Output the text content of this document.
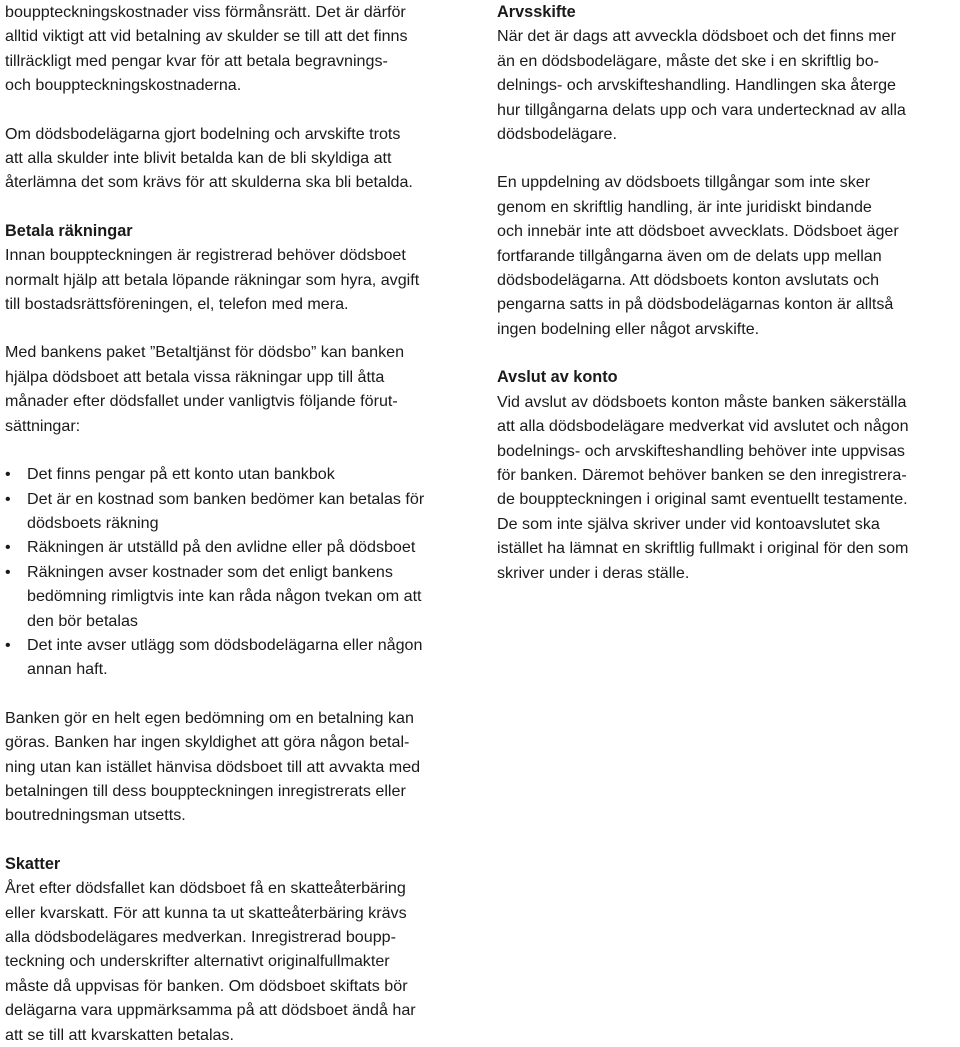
bouppteckningskostnader viss förmånsrätt. Det är därför
alltid viktigt att vid betalning av skulder se till att det finns
tillräckligt med pengar kvar för att betala begravnings-
och bouppteckningskostnaderna.

Om dödsbodelägarna gjort bodelning och arvskifte trots
att alla skulder inte blivit betalda kan de bli skyldiga att
återlämna det som krävs för att skulderna ska bli betalda.

Betala räkningar

Innan bouppteckningen är registrerad behöver dödsboet
normalt hjälp att betala löpande räkningar som hyra, avgift
till bostadsrättsföreningen, el, telefon med mera.

Med bankens paket ”Betaltjänst för dödsbo” kan banken
hjälpa dödsboet att betala vissa räkningar upp till åtta
månader efter dödsfallet under vanligtvis följande förut-
sättningar:

• Det finns pengar på ett konto utan bankbok
• Det är en kostnad som banken bedömer kan betalas för
dödsboets räkning
• Räkningen är utställd på den avlidne eller på dödsboet
• Räkningen avser kostnader som det enligt bankens
bedömning rimligtvis inte kan råda någon tvekan om att
den bör betalas
• Det inte avser utlägg som dödsbodelägarna eller någon
annan haft.

Banken gör en helt egen bedömning om en betalning kan
göras. Banken har ingen skyldighet att göra någon betal-
ning utan kan istället hänvisa dödsboet till att avvakta med
betalningen till dess bouppteckningen inregistrerats eller
boutredningsman utsetts.

Skatter

Året efter dödsfallet kan dödsboet få en skatteåterbäring
eller kvarskatt. För att kunna ta ut skatteåterbäring krävs
alla dödsbodelägares medverkan. Inregistrerad boupp-
teckning och underskrifter alternativt originalfullmakter
måste då uppvisas för banken. Om dödsboet skiftats bör
delägarna vara uppmärksamma på att dödsboet ändå har
att se till att kvarskatten betalas.

Arvsskifte

När det är dags att avveckla dödsboet och det finns mer
än en dödsbodelägare, måste det ske i en skriftlig bo-
delnings- och arvskifteshandling. Handlingen ska återge
hur tillgångarna delats upp och vara undertecknad av alla
dödsbodelägare.

En uppdelning av dödsboets tillgångar som inte sker
genom en skriftlig handling, är inte juridiskt bindande
och innebär inte att dödsboet avvecklats. Dödsboet äger
fortfarande tillgångarna även om de delats upp mellan
dödsbodelägarna. Att dödsboets konton avslutats och
pengarna satts in på dödsbodelägarnas konton är alltså
ingen bodelning eller något arvskifte.

Avslut av konto

Vid avslut av dödsboets konton måste banken säkerställa
att alla dödsbodelägare medverkat vid avslutet och någon
bodelnings- och arvskifteshandling behöver inte uppvisas
för banken. Däremot behöver banken se den inregistrera-
de bouppteckningen i original samt eventuellt testamente.
De som inte själva skriver under vid kontoavslutet ska
istället ha lämnat en skriftlig fullmakt i original för den som
skriver under i deras ställe.
